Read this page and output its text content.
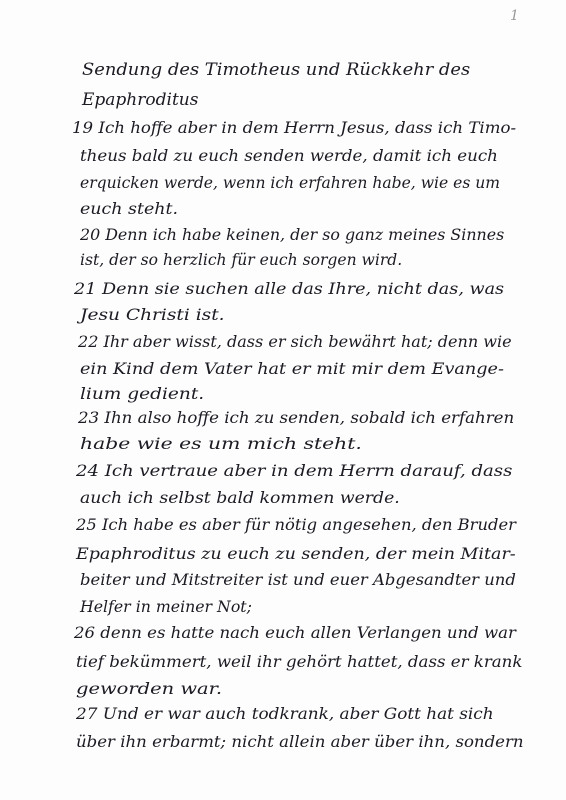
1
Sendung des Timotheus und Rückkehr des
Epaphroditus
19 Ich hoffe aber in dem Herrn Jesus, dass ich Timo-
theus bald zu euch senden werde, damit ich euch
erquicken werde, wenn ich erfahren habe, wie es um
euch steht.
20 Denn ich habe keinen, der so ganz meines Sinnes
ist, der so herzlich für euch sorgen wird.
21 Denn sie suchen alle das Ihre, nicht das, was
Jesu Christi ist.
22 Ihr aber wisst, dass er sich bewährt hat; denn wie
ein Kind dem Vater hat er mit mir dem Evange-
lium gedient.
23 Ihn also hoffe ich zu senden, sobald ich erfahren
habe wie es um mich steht.
24 Ich vertraue aber in dem Herrn darauf, dass
auch ich selbst bald kommen werde.
25 Ich habe es aber für nötig angesehen, den Bruder
Epaphroditus zu euch zu senden, der mein Mitar-
beiter und Mitstreiter ist und euer Abgesandter und
Helfer in meiner Not;
26 denn es hatte nach euch allen Verlangen und war
tief bekümmert, weil ihr gehört hattet, dass er krank
geworden war.
27 Und er war auch todkrank, aber Gott hat sich
über ihn erbarmt; nicht allein aber über ihn, sondern
